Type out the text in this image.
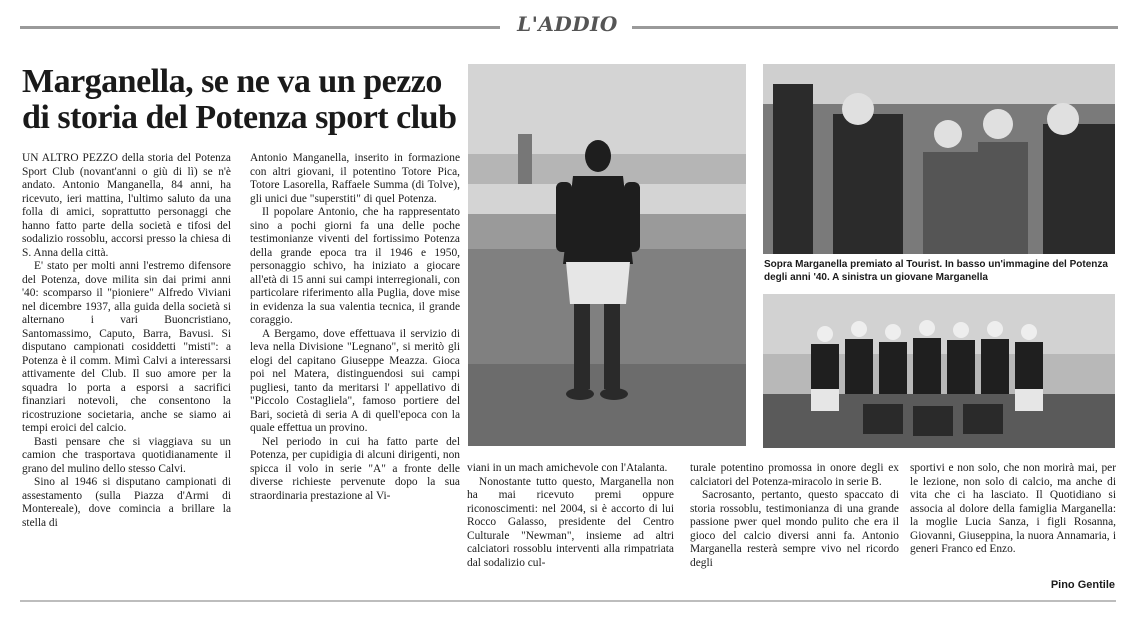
L'ADDIO
Marganella, se ne va un pezzo di storia del Potenza sport club

UN ALTRO PEZZO della storia del Potenza Sport Club (novant'anni o giù di lì) se n'è andato. Antonio Manganella, 84 anni, ha ricevuto, ieri mattina, l'ultimo saluto da una folla di amici, soprattutto personaggi che hanno fatto parte della società e tifosi del sodalizio rossoblu, accorsi presso la chiesa di S. Anna della città.

E' stato per molti anni l'estremo difensore del Potenza, dove milita sin dai primi anni '40: scomparso il "pioniere" Alfredo Viviani nel dicembre 1937, alla guida della società si alternano i vari Buoncristiano, Santomassimo, Caputo, Barra, Bavusi. Si disputano campionati cosiddetti "misti": a Potenza è il comm. Mimì Calvi a interessarsi attivamente del Club. Il suo amore per la squadra lo porta a esporsi a sacrifici finanziari notevoli, che consentono la ricostruzione societaria, anche se siamo ai tempi eroici del calcio.

Basti pensare che si viaggiava su un camion che trasportava quotidianamente il grano del mulino dello stesso Calvi.

Sino al 1946 si disputano campionati di assestamento (sulla Piazza d'Armi di Montereale), dove comincia a brillare la stella di

Antonio Manganella, inserito in formazione con altri giovani, il potentino Totore Pica, Totore Lasorella, Raffaele Summa (di Tolve), gli unici due "superstiti" di quel Potenza.

Il popolare Antonio, che ha rappresentato sino a pochi giorni fa una delle poche testimonianze viventi del fortissimo Potenza della grande epoca tra il 1946 e 1950, personaggio schivo, ha iniziato a giocare all'età di 15 anni sui campi interregionali, con particolare riferimento alla Puglia, dove mise in evidenza la sua valentia tecnica, il grande coraggio.

A Bergamo, dove effettuava il servizio di leva nella Divisione "Legnano", si meritò gli elogi del capitano Giuseppe Meazza. Gioca poi nel Matera, distinguendosi sui campi pugliesi, tanto da meritarsi l' appellativo di "Piccolo Costagliela", famoso portiere del Bari, società di seria A di quell'epoca con la quale effettua un provino.

Nel periodo in cui ha fatto parte del Potenza, per cupidigia di alcuni dirigenti, non spicca il volo in serie "A" a fronte delle diverse richieste pervenute dopo la sua straordinaria prestazione al Vi-

Sopra Marganella premiato al Tourist. In basso un'immagine del Potenza degli anni '40. A sinistra un giovane Marganella

viani in un mach amichevole con l'Atalanta.

Nonostante tutto questo, Marganella non ha mai ricevuto premi oppure riconoscimenti: nel 2004, si è accorto di lui Rocco Galasso, presidente del Centro Culturale "Newman", insieme ad altri calciatori rossoblu interventi alla rimpatriata dal sodalizio cul-

turale potentino promossa in onore degli ex calciatori del Potenza-miracolo in serie B.

Sacrosanto, pertanto, questo spaccato di storia rossoblu, testimonianza di una grande passione pwer quel mondo pulito che era il gioco del calcio diversi anni fa. Antonio Marganella resterà sempre vivo nel ricordo degli

sportivi e non solo, che non morirà mai, per le lezione, non solo di calcio, ma anche di vita che ci ha lasciato. Il Quotidiano si associa al dolore della famiglia Marganella: la moglie Lucia Sanza, i figli Rosanna, Giovanni, Giuseppina, la nuora Annamaria, i generi Franco ed Enzo.

Pino Gentile
